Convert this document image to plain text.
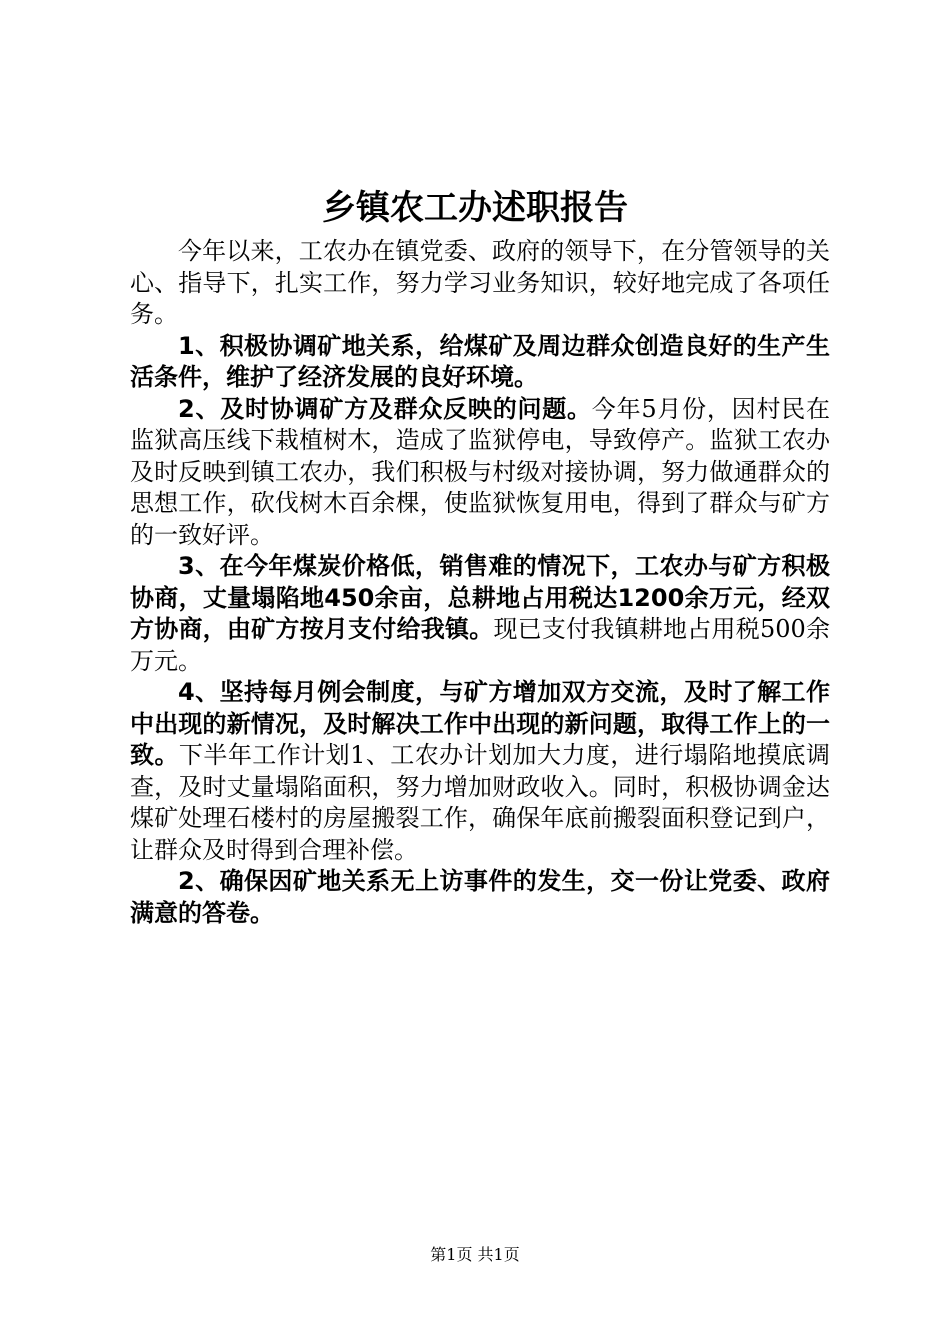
乡镇农工办述职报告

今年以来，工农办在镇党委、政府的领导下，在分管领导的关心、指导下，扎实工作，努力学习业务知识，较好地完成了各项任务。

1、积极协调矿地关系，给煤矿及周边群众创造良好的生产生活条件，维护了经济发展的良好环境。

2、及时协调矿方及群众反映的问题。今年5月份，因村民在监狱高压线下栽植树木，造成了监狱停电，导致停产。监狱工农办及时反映到镇工农办，我们积极与村级对接协调，努力做通群众的思想工作，砍伐树木百余棵，使监狱恢复用电，得到了群众与矿方的一致好评。

3、在今年煤炭价格低，销售难的情况下，工农办与矿方积极协商，丈量塌陷地450余亩，总耕地占用税达1200余万元，经双方协商，由矿方按月支付给我镇。现已支付我镇耕地占用税500余万元。

4、坚持每月例会制度，与矿方增加双方交流，及时了解工作中出现的新情况，及时解决工作中出现的新问题，取得工作上的一致。下半年工作计划1、工农办计划加大力度，进行塌陷地摸底调查，及时丈量塌陷面积，努力增加财政收入。同时，积极协调金达煤矿处理石楼村的房屋搬裂工作，确保年底前搬裂面积登记到户，让群众及时得到合理补偿。

2、确保因矿地关系无上访事件的发生，交一份让党委、政府满意的答卷。

第1页 共1页
